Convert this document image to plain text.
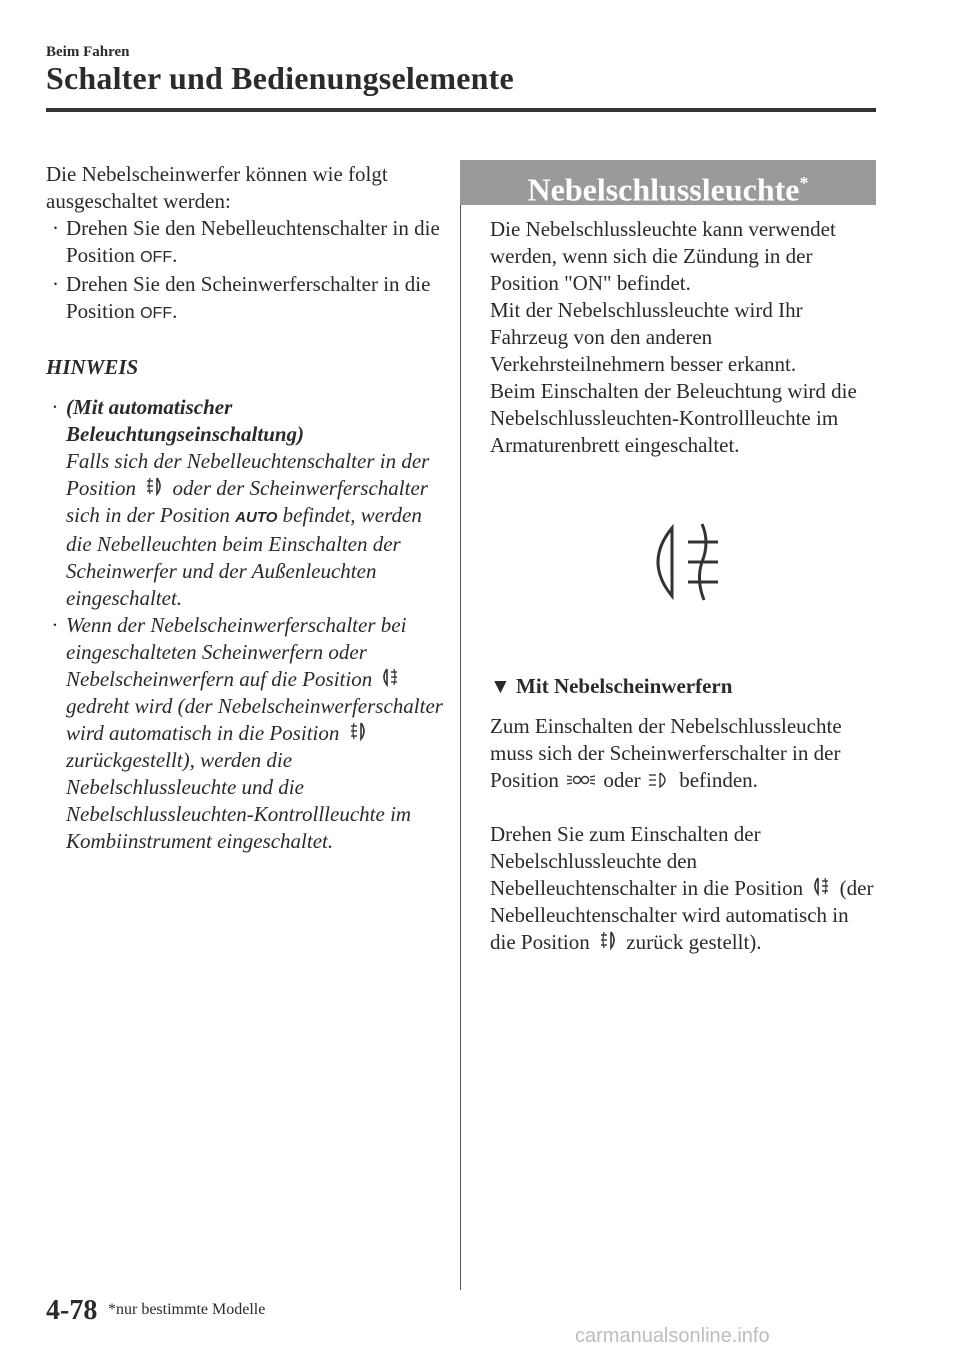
Beim Fahren
Schalter und Bedienungselemente

Die Nebelscheinwerfer können wie folgt ausgeschaltet werden:

· Drehen Sie den Nebelleuchtenschalter in die Position OFF.
· Drehen Sie den Scheinwerferschalter in die Position OFF.

HINWEIS

· (Mit automatischer Beleuchtungseinschaltung)
Falls sich der Nebelleuchtenschalter in der Position oder der Scheinwerferschalter sich in der Position AUTO befindet, werden die Nebelleuchten beim Einschalten der Scheinwerfer und der Außenleuchten eingeschaltet.
· Wenn der Nebelscheinwerferschalter bei eingeschalteten Scheinwerfern oder Nebelscheinwerfern auf die Position  gedreht wird (der Nebelscheinwerferschalter wird automatisch in die Position  zurückgestellt), werden die Nebelschlussleuchte und die Nebelschlussleuchten-Kontrollleuchte im Kombiinstrument eingeschaltet.
Nebelschlussleuchte*

Die Nebelschlussleuchte kann verwendet werden, wenn sich die Zündung in der Position "ON" befindet.

Mit der Nebelschlussleuchte wird Ihr Fahrzeug von den anderen Verkehrsteilnehmern besser erkannt.

Beim Einschalten der Beleuchtung wird die Nebelschlussleuchten-Kontrollleuchte im Armaturenbrett eingeschaltet.

▼ Mit Nebelscheinwerfern

Zum Einschalten der Nebelschlussleuchte muss sich der Scheinwerferschalter in der Position oder befinden.

Drehen Sie zum Einschalten der Nebelschlussleuchte den Nebelleuchtenschalter in die Position (der Nebelleuchtenschalter wird automatisch in die Position zurück gestellt).

4-78 *nur bestimmte Modelle
carmanualsonline.info
